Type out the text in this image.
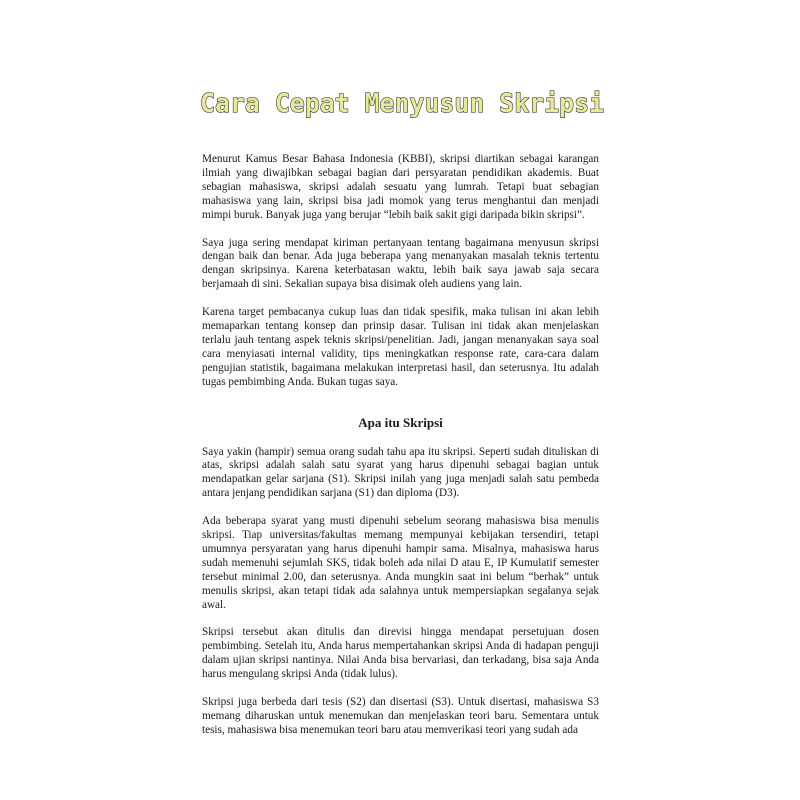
Cara Cepat Menyusun Skripsi

Menurut Kamus Besar Bahasa Indonesia (KBBI), skripsi diartikan sebagai karangan ilmiah yang diwajibkan sebagai bagian dari persyaratan pendidikan akademis. Buat sebagian mahasiswa, skripsi adalah sesuatu yang lumrah. Tetapi buat sebagian mahasiswa yang lain, skripsi bisa jadi momok yang terus menghantui dan menjadi mimpi buruk. Banyak juga yang berujar “lebih baik sakit gigi daripada bikin skripsi”.

Saya juga sering mendapat kiriman pertanyaan tentang bagaimana menyusun skripsi dengan baik dan benar. Ada juga beberapa yang menanyakan masalah teknis tertentu dengan skripsinya. Karena keterbatasan waktu, lebih baik saya jawab saja secara berjamaah di sini. Sekalian supaya bisa disimak oleh audiens yang lain.

Karena target pembacanya cukup luas dan tidak spesifik, maka tulisan ini akan lebih memaparkan tentang konsep dan prinsip dasar. Tulisan ini tidak akan menjelaskan terlalu jauh tentang aspek teknis skripsi/penelitian. Jadi, jangan menanyakan saya soal cara menyiasati internal validity, tips meningkatkan response rate, cara-cara dalam pengujian statistik, bagaimana melakukan interpretasi hasil, dan seterusnya. Itu adalah tugas pembimbing Anda. Bukan tugas saya.

Apa itu Skripsi

Saya yakin (hampir) semua orang sudah tahu apa itu skripsi. Seperti sudah dituliskan di atas, skripsi adalah salah satu syarat yang harus dipenuhi sebagai bagian untuk mendapatkan gelar sarjana (S1). Skripsi inilah yang juga menjadi salah satu pembeda antara jenjang pendidikan sarjana (S1) dan diploma (D3).

Ada beberapa syarat yang musti dipenuhi sebelum seorang mahasiswa bisa menulis skripsi. Tiap universitas/fakultas memang mempunyai kebijakan tersendiri, tetapi umumnya persyaratan yang harus dipenuhi hampir sama. Misalnya, mahasiswa harus sudah memenuhi sejumlah SKS, tidak boleh ada nilai D atau E, IP Kumulatif semester tersebut minimal 2.00, dan seterusnya. Anda mungkin saat ini belum “berhak” untuk menulis skripsi, akan tetapi tidak ada salahnya untuk mempersiapkan segalanya sejak awal.

Skripsi tersebut akan ditulis dan direvisi hingga mendapat persetujuan dosen pembimbing. Setelah itu, Anda harus mempertahankan skripsi Anda di hadapan penguji dalam ujian skripsi nantinya. Nilai Anda bisa bervariasi, dan terkadang, bisa saja Anda harus mengulang skripsi Anda (tidak lulus).

Skripsi juga berbeda dari tesis (S2) dan disertasi (S3). Untuk disertasi, mahasiswa S3 memang diharuskan untuk menemukan dan menjelaskan teori baru. Sementara untuk tesis, mahasiswa bisa menemukan teori baru atau memverikasi teori yang sudah ada
